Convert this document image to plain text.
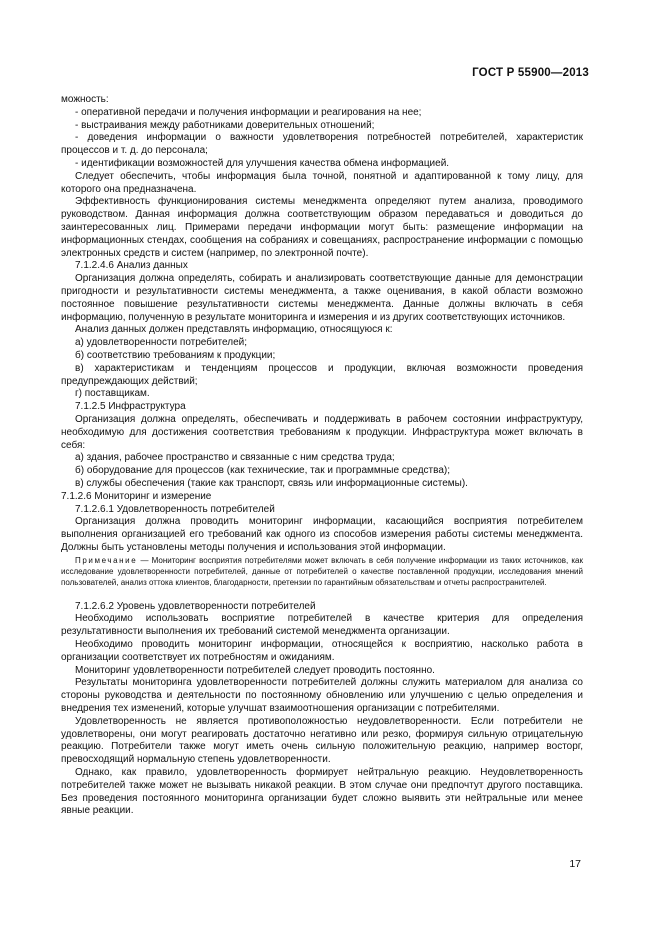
ГОСТ Р 55900—2013

можность:

- оперативной передачи и получения информации и реагирования на нее;

- выстраивания между работниками доверительных отношений;

- доведения информации о важности удовлетворения потребностей потребителей, характеристик процессов и т. д. до персонала;

- идентификации возможностей для улучшения качества обмена информацией.

Следует обеспечить, чтобы информация была точной, понятной и адаптированной к тому лицу, для которого она предназначена.

Эффективность функционирования системы менеджмента определяют путем анализа, проводимого руководством. Данная информация должна соответствующим образом передаваться и доводиться до заинтересованных лиц. Примерами передачи информации могут быть: размещение информации на информационных стендах, сообщения на собраниях и совещаниях, распространение информации с помощью электронных средств и систем (например, по электронной почте).

7.1.2.4.6 Анализ данных

Организация должна определять, собирать и анализировать соответствующие данные для демонстрации пригодности и результативности системы менеджмента, а также оценивания, в какой области возможно постоянное повышение результативности системы менеджмента. Данные должны включать в себя информацию, полученную в результате мониторинга и измерения и из других соответствующих источников.

Анализ данных должен представлять информацию, относящуюся к:

а) удовлетворенности потребителей;

б) соответствию требованиям к продукции;

в) характеристикам и тенденциям процессов и продукции, включая возможности проведения предупреждающих действий;

г) поставщикам.

7.1.2.5 Инфраструктура

Организация должна определять, обеспечивать и поддерживать в рабочем состоянии инфраструктуру, необходимую для достижения соответствия требованиям к продукции. Инфраструктура может включать в себя:

а) здания, рабочее пространство и связанные с ним средства труда;

б) оборудование для процессов (как технические, так и программные средства);

в) службы обеспечения (такие как транспорт, связь или информационные системы).

7.1.2.6 Мониторинг и измерение

7.1.2.6.1 Удовлетворенность потребителей

Организация должна проводить мониторинг информации, касающийся восприятия потребителем выполнения организацией его требований как одного из способов измерения работы системы менеджмента. Должны быть установлены методы получения и использования этой информации.

Примечание — Мониторинг восприятия потребителями может включать в себя получение информации из таких источников, как исследование удовлетворенности потребителей, данные от потребителей о качестве поставленной продукции, исследования мнений пользователей, анализ оттока клиентов, благодарности, претензии по гарантийным обязательствам и отчеты распространителей.

7.1.2.6.2 Уровень удовлетворенности потребителей

Необходимо использовать восприятие потребителей в качестве критерия для определения результативности выполнения их требований системой менеджмента организации.

Необходимо проводить мониторинг информации, относящейся к восприятию, насколько работа в организации соответствует их потребностям и ожиданиям.

Мониторинг удовлетворенности потребителей следует проводить постоянно.

Результаты мониторинга удовлетворенности потребителей должны служить материалом для анализа со стороны руководства и деятельности по постоянному обновлению или улучшению с целью определения и внедрения тех изменений, которые улучшат взаимоотношения организации с потребителями.

Удовлетворенность не является противоположностью неудовлетворенности. Если потребители не удовлетворены, они могут реагировать достаточно негативно или резко, формируя сильную отрицательную реакцию. Потребители также могут иметь очень сильную положительную реакцию, например восторг, превосходящий нормальную степень удовлетворенности.

Однако, как правило, удовлетворенность формирует нейтральную реакцию. Неудовлетворенность потребителей также может не вызывать никакой реакции. В этом случае они предпочтут другого поставщика. Без проведения постоянного мониторинга организации будет сложно выявить эти нейтральные или менее явные реакции.

17
